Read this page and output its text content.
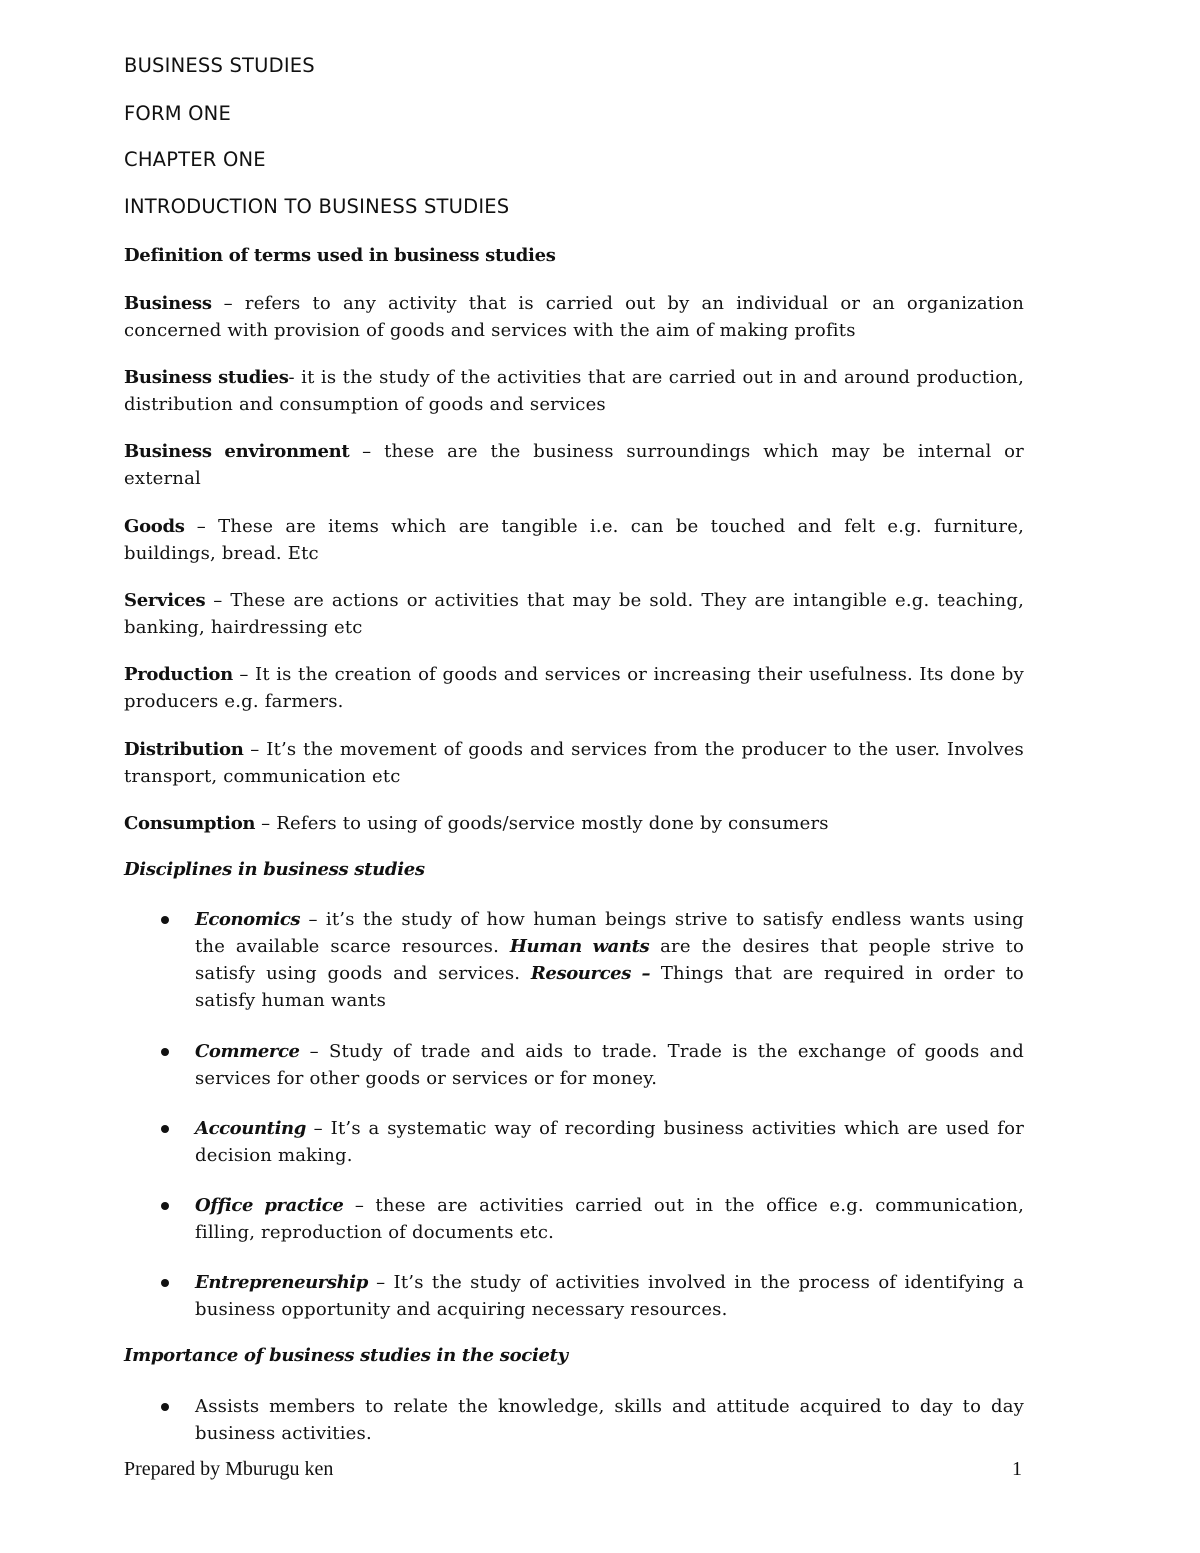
BUSINESS STUDIES
FORM ONE
CHAPTER ONE
INTRODUCTION TO BUSINESS STUDIES
Definition of terms used in business studies

Business – refers to any activity that is carried out by an individual or an organization concerned with provision of goods and services with the aim of making profits

Business studies- it is the study of the activities that are carried out in and around production, distribution and consumption of goods and services

Business environment – these are the business surroundings which may be internal or external

Goods – These are items which are tangible i.e. can be touched and felt e.g. furniture, buildings, bread. Etc

Services – These are actions or activities that may be sold. They are intangible e.g. teaching, banking, hairdressing etc

Production – It is the creation of goods and services or increasing their usefulness. Its done by producers e.g. farmers.

Distribution – It’s the movement of goods and services from the producer to the user. Involves transport, communication etc

Consumption – Refers to using of goods/service mostly done by consumers

Disciplines in business studies
Economics – it’s the study of how human beings strive to satisfy endless wants using the available scarce resources. Human wants are the desires that people strive to satisfy using goods and services. Resources – Things that are required in order to satisfy human wants
Commerce – Study of trade and aids to trade. Trade is the exchange of goods and services for other goods or services or for money.
Accounting – It’s a systematic way of recording business activities which are used for decision making.
Office practice – these are activities carried out in the office e.g. communication, filling, reproduction of documents etc.
Entrepreneurship – It’s the study of activities involved in the process of identifying a business opportunity and acquiring necessary resources.
Importance of business studies in the society
Assists members to relate the knowledge, skills and attitude acquired to day to day business activities.
Prepared by Mburugu ken	1
